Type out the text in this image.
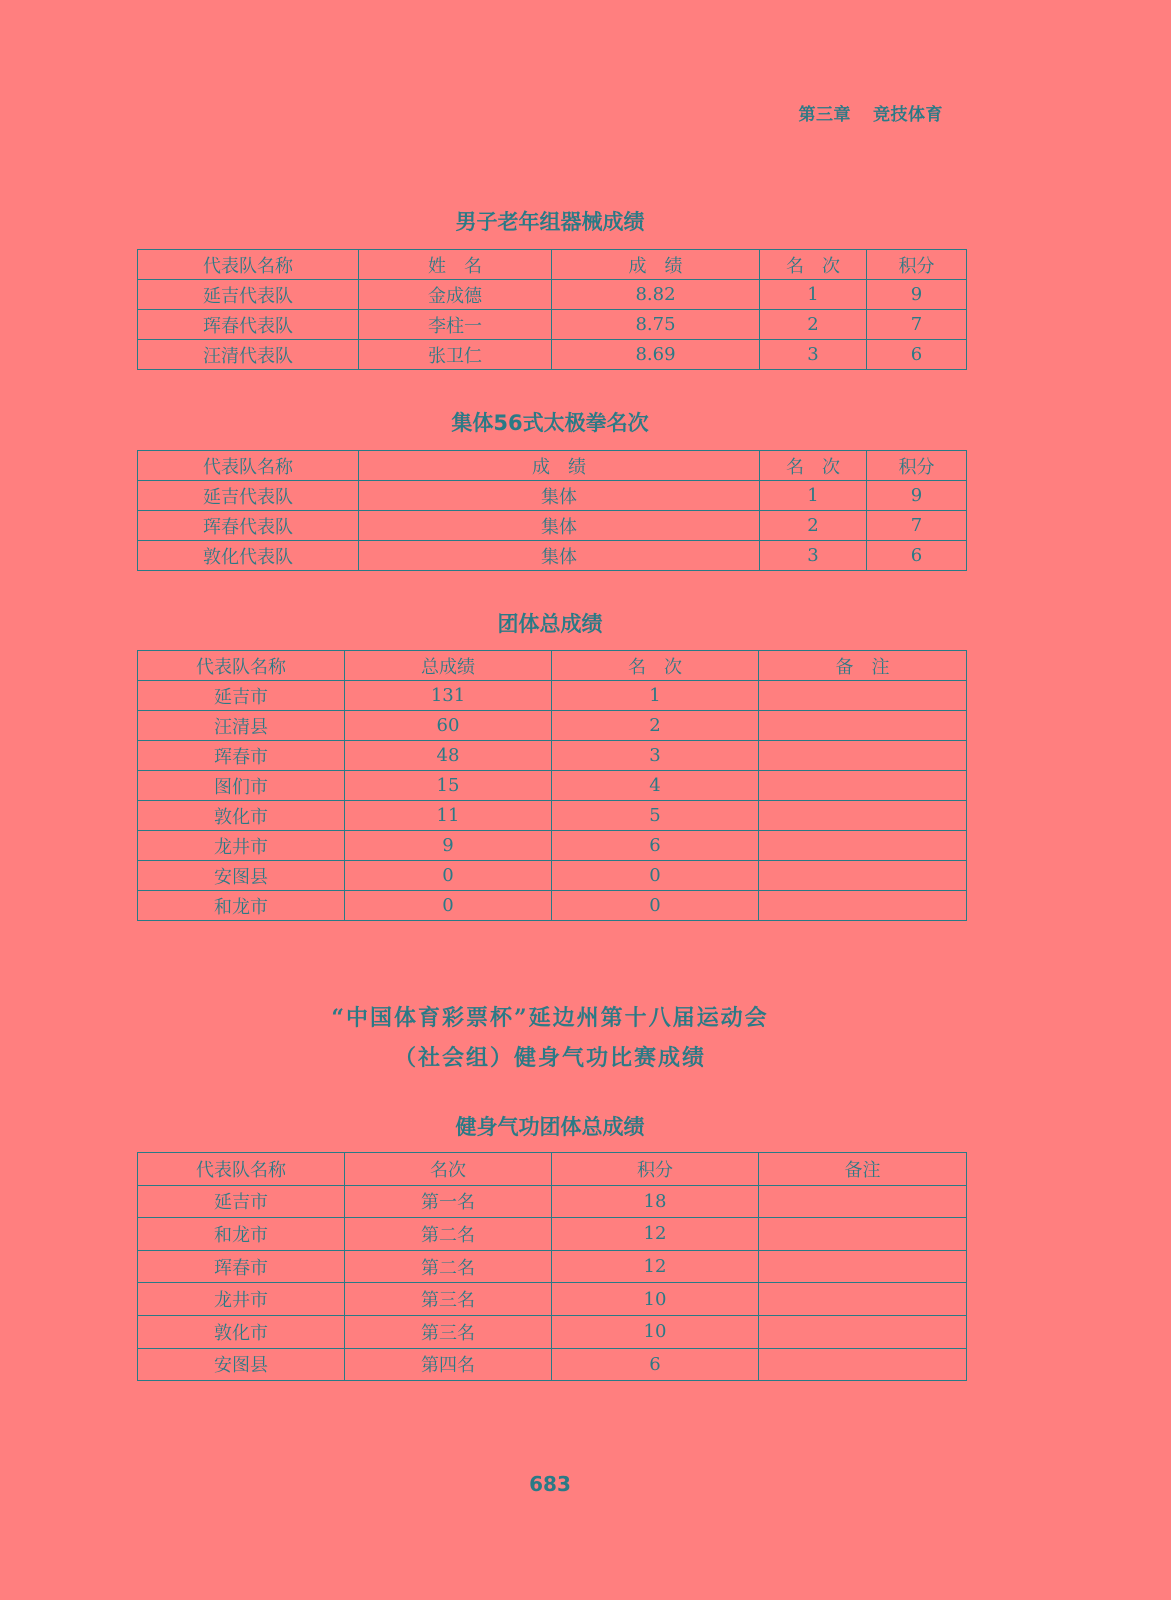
第三章 竞技体育
男子老年组器械成绩
代表队名称	姓　名	成　绩	名　次	积分
延吉代表队	金成德	8.82	1	9
珲春代表队	李柱一	8.75	2	7
汪清代表队	张卫仁	8.69	3	6
集体56式太极拳名次
代表队名称	成　绩	名　次	积分
延吉代表队	集体	1	9
珲春代表队	集体	2	7
敦化代表队	集体	3	6
团体总成绩
代表队名称	总成绩	名　次	备　注
延吉市	131	1	
汪清县	60	2	
珲春市	48	3	
图们市	15	4	
敦化市	11	5	
龙井市	9	6	
安图县	0	0	
和龙市	0	0	
“中国体育彩票杯”延边州第十八届运动会
（社会组）健身气功比赛成绩
健身气功团体总成绩
代表队名称	名次	积分	备注
延吉市	第一名	18	
和龙市	第二名	12	
珲春市	第二名	12	
龙井市	第三名	10	
敦化市	第三名	10	
安图县	第四名	6	
683
